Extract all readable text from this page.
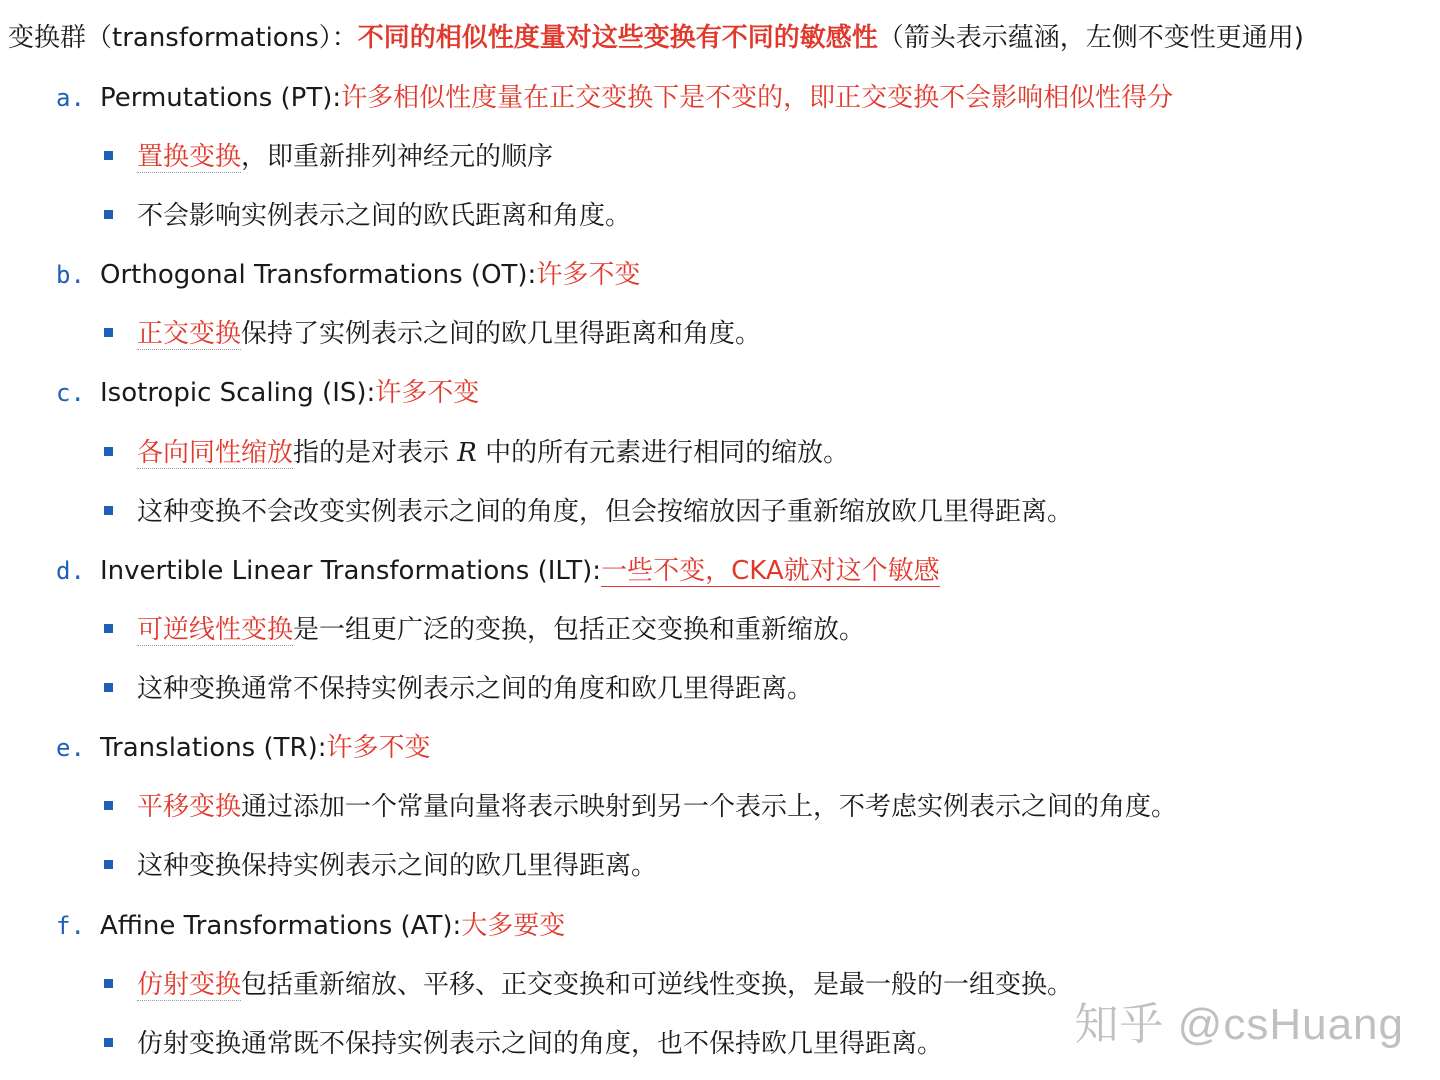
变换群（transformations）：不同的相似性度量对这些变换有不同的敏感性（箭头表示蕴涵，左侧不变性更通用)
a. Permutations (PT):许多相似性度量在正交变换下是不变的，即正交变换不会影响相似性得分
置换变换，即重新排列神经元的顺序
不会影响实例表示之间的欧氏距离和角度。
b. Orthogonal Transformations (OT):许多不变
正交变换保持了实例表示之间的欧几里得距离和角度。
c. Isotropic Scaling (IS):许多不变
各向同性缩放指的是对表示 R 中的所有元素进行相同的缩放。
这种变换不会改变实例表示之间的角度，但会按缩放因子重新缩放欧几里得距离。
d. Invertible Linear Transformations (ILT):一些不变，CKA就对这个敏感
可逆线性变换是一组更广泛的变换，包括正交变换和重新缩放。
这种变换通常不保持实例表示之间的角度和欧几里得距离。
e. Translations (TR):许多不变
平移变换通过添加一个常量向量将表示映射到另一个表示上，不考虑实例表示之间的角度。
这种变换保持实例表示之间的欧几里得距离。
f. Affine Transformations (AT):大多要变
仿射变换包括重新缩放、平移、正交变换和可逆线性变换，是最一般的一组变换。
仿射变换通常既不保持实例表示之间的角度，也不保持欧几里得距离。	知乎 @csHuang
